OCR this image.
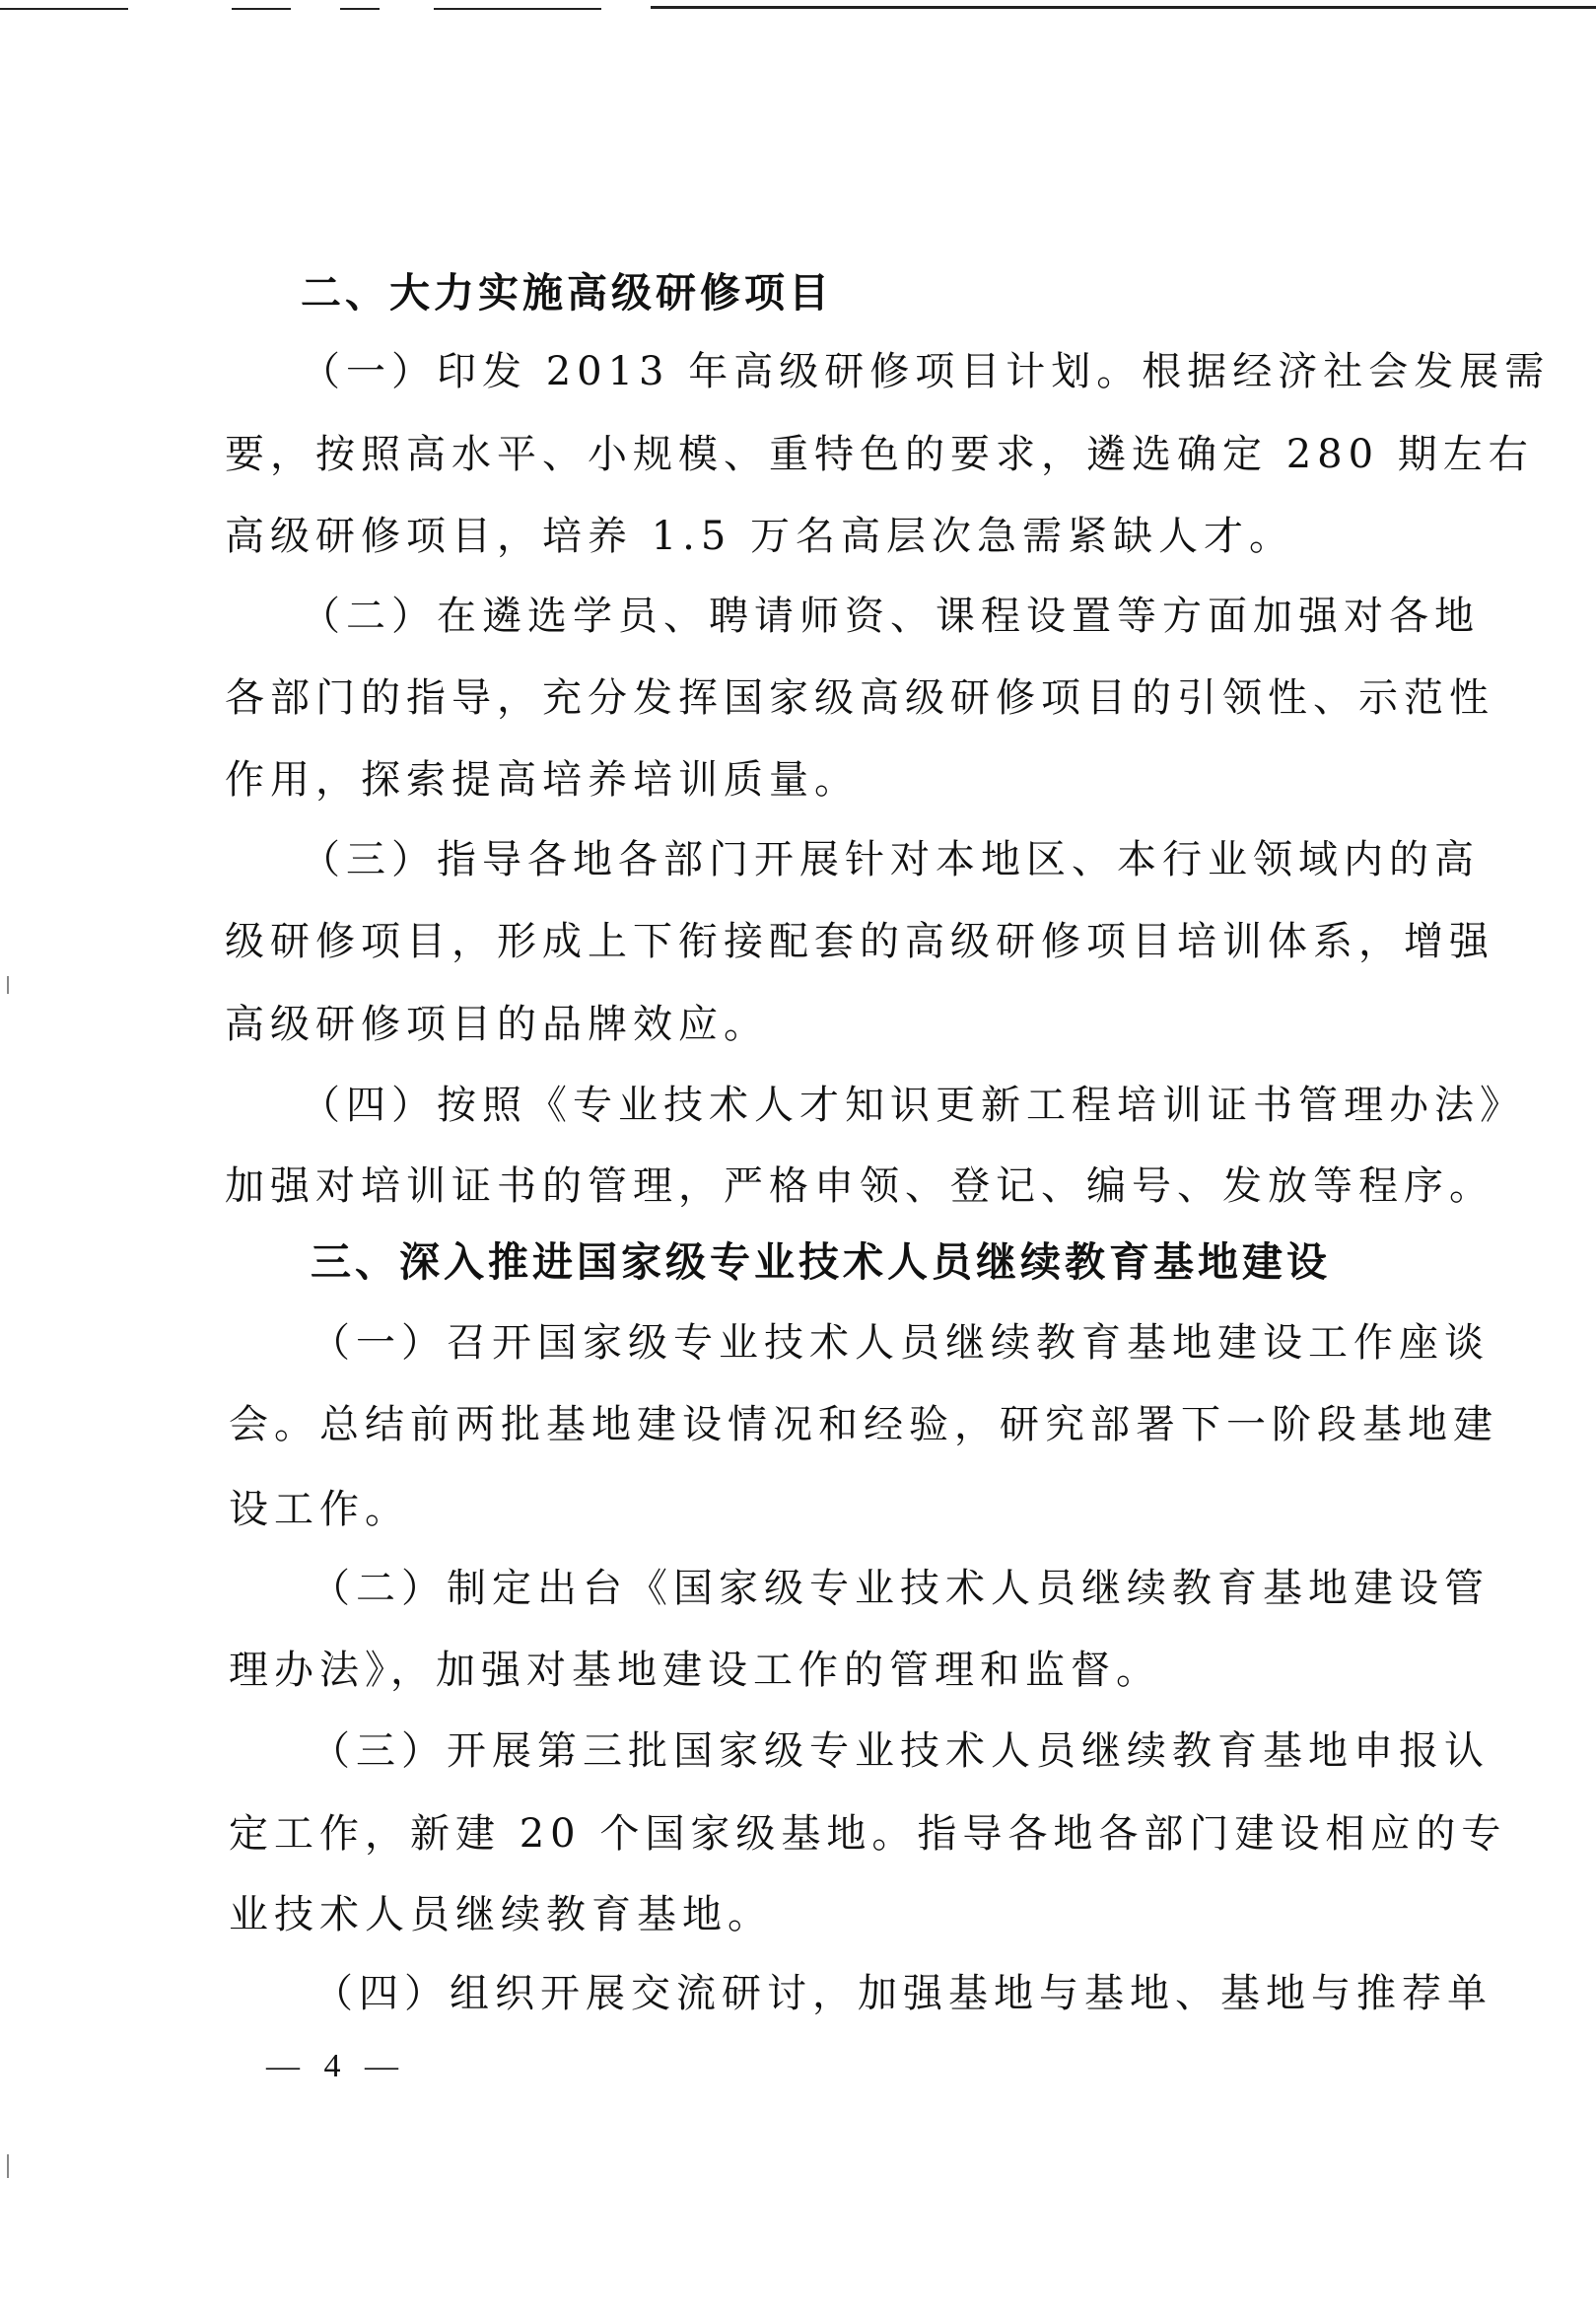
二、大力实施高级研修项目
（一）印发 2013 年高级研修项目计划。根据经济社会发展需
要，按照高水平、小规模、重特色的要求，遴选确定 280 期左右
高级研修项目，培养 1.5 万名高层次急需紧缺人才。
（二）在遴选学员、聘请师资、课程设置等方面加强对各地
各部门的指导，充分发挥国家级高级研修项目的引领性、示范性
作用，探索提高培养培训质量。
（三）指导各地各部门开展针对本地区、本行业领域内的高
级研修项目，形成上下衔接配套的高级研修项目培训体系，增强
高级研修项目的品牌效应。
（四）按照《专业技术人才知识更新工程培训证书管理办法》
加强对培训证书的管理，严格申领、登记、编号、发放等程序。
三、深入推进国家级专业技术人员继续教育基地建设
（一）召开国家级专业技术人员继续教育基地建设工作座谈
会。总结前两批基地建设情况和经验，研究部署下一阶段基地建
设工作。
（二）制定出台《国家级专业技术人员继续教育基地建设管
理办法》，加强对基地建设工作的管理和监督。
（三）开展第三批国家级专业技术人员继续教育基地申报认
定工作，新建 20 个国家级基地。指导各地各部门建设相应的专
业技术人员继续教育基地。
（四）组织开展交流研讨，加强基地与基地、基地与推荐单
— 4 —
